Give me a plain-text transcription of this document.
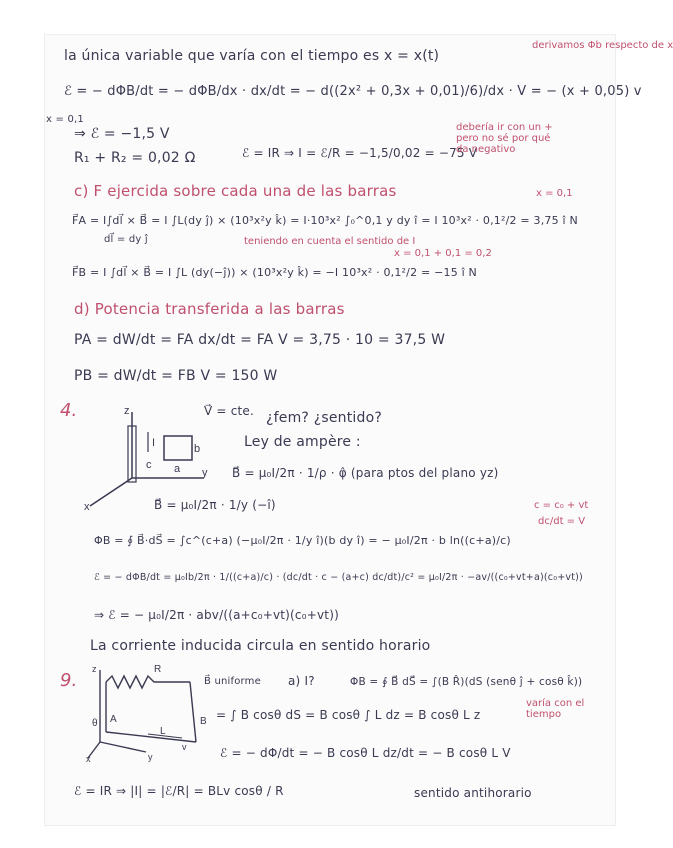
la única variable que varía con el tiempo es x = x(t)
derivamos Φb respecto de x
ℰ = − dΦB/dt = − dΦB/dx · dx/dt = − d((2x² + 0,3x + 0,01)/6)/dx · V = − (x + 0,05) v
x = 0,1
⇒ ℰ = −1,5 V
R₁ + R₂ = 0,02 Ω	ℰ = IR ⇒ I = ℰ/R = −1,5/0,02 = −75 V
debería ir con un +
pero no sé por qué
da negativo
c) F ejercida sobre cada una de las barras	x = 0,1
F⃗A = I∫dl⃗ × B⃗ = I ∫L(dy ĵ) × (10³x²y k̂) = I·10³x² ∫₀^0,1 y dy î = I 10³x² · 0,1²/2 = 3,75 î N
dl⃗ = dy ĵ	teniendo en cuenta el sentido de I
x = 0,1 + 0,1 = 0,2
F⃗B = I ∫dl⃗ × B⃗ = I ∫L (dy(−ĵ)) × (10³x²y k̂) = −I 10³x² · 0,1²/2 = −15 î N
d) Potencia transferida a las barras
PA = dW/dt = FA dx/dt = FA V = 3,75 · 10 = 37,5 W
PB = dW/dt = FB V = 150 W
4.	V⃗ = cte. ¿fem? ¿sentido?
z
x
y
I	b
c a
Ley de ampère :
B⃗ = μ₀I/2π · 1/ρ · φ̂ (para ptos del plano yz)
B⃗ = μ₀I/2π · 1/y (−î)	c = c₀ + vt
dc/dt = V
ΦB = ∮ B⃗·dS⃗ = ∫c^(c+a) (−μ₀I/2π · 1/y î)(b dy î) = − μ₀I/2π · b ln((c+a)/c)
ℰ = − dΦB/dt = μ₀Ib/2π · 1/((c+a)/c) · (dc/dt · c − (a+c) dc/dt)/c² = μ₀I/2π · −av/((c₀+vt+a)(c₀+vt))
⇒ ℰ = − μ₀I/2π · abv/((a+c₀+vt)(c₀+vt))
La corriente inducida circula en sentido horario
9.
R
A	B
L
θ
z
x	y
v
B⃗ uniforme a) I?	ΦB = ∮ B⃗ dS⃗ = ∫(B R̂)(dS (senθ ĵ + cosθ k̂))
= ∫ B cosθ dS = B cosθ ∫ L dz = B cosθ L z
varía con el
tiempo
ℰ = − dΦ/dt = − B cosθ L dz/dt = − B cosθ L V
ℰ = IR ⇒ |I| = |ℰ/R| = BLv cosθ / R	sentido antihorario
